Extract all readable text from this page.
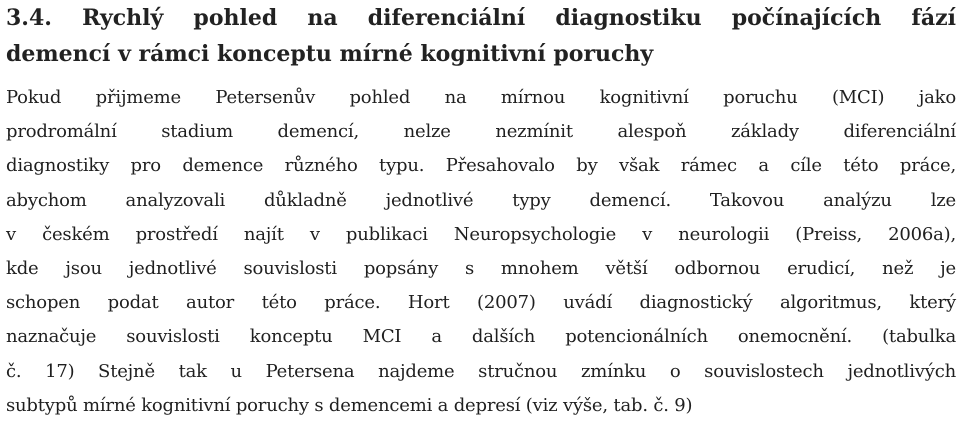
3.4. Rychlý pohled na diferenciální diagnostiku počínajících fází
demencí v rámci konceptu mírné kognitivní poruchy

Pokud přijmeme Petersenův pohled na mírnou kognitivní poruchu (MCI) jako
prodromální stadium demencí, nelze nezmínit alespoň základy diferenciální
diagnostiky pro demence různého typu. Přesahovalo by však rámec a cíle této práce,
abychom analyzovali důkladně jednotlivé typy demencí. Takovou analýzu lze
v českém prostředí najít v publikaci Neuropsychologie v neurologii (Preiss, 2006a),
kde jsou jednotlivé souvislosti popsány s mnohem větší odbornou erudicí, než je
schopen podat autor této práce. Hort (2007) uvádí diagnostický algoritmus, který
naznačuje souvislosti konceptu MCI a dalších potencionálních onemocnění. (tabulka
č. 17) Stejně tak u Petersena najdeme stručnou zmínku o souvislostech jednotlivých
subtypů mírné kognitivní poruchy s demencemi a depresí (viz výše, tab. č. 9)
